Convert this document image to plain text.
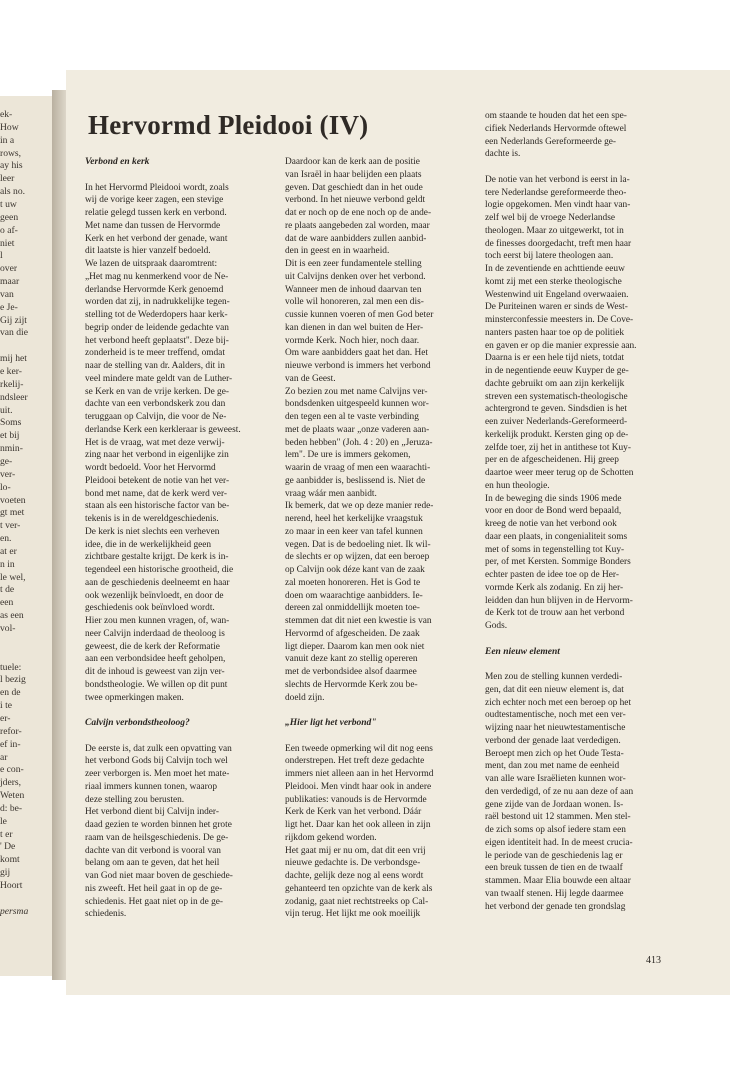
ek-
How
in a
rows,
ay his
leer
als no.
t uw
geen
o af-
niet
l
over
maar
van
e Je-
Gij zijt
van die
mij het
e ker-
rkelij-
ndsleer
uit.
Soms
et bij
nmin-
ge-
ver-
lo-
voeten
gt met
t ver-
en.
at er
n in
le wel,
t de
een
as een
vol-
tuele:
l bezig
en de
i te
er-
refor-
ef in-
ar
e con-
jders,
Weten
d: be-
le
t er
' De
komt
gij
Hoort
persma
Hervormd Pleidooi (IV)
Verbond en kerk
In het Hervormd Pleidooi wordt, zoals
wij de vorige keer zagen, een stevige
relatie gelegd tussen kerk en verbond.
Met name dan tussen de Hervormde
Kerk en het verbond der genade, want
dit laatste is hier vanzelf bedoeld.
We lazen de uitspraak daaromtrent:
„Het mag nu kenmerkend voor de Ne-
derlandse Hervormde Kerk genoemd
worden dat zij, in nadrukkelijke tegen-
stelling tot de Wederdopers haar kerk-
begrip onder de leidende gedachte van
het verbond heeft geplaatst". Deze bij-
zonderheid is te meer treffend, omdat
naar de stelling van dr. Aalders, dit in
veel mindere mate geldt van de Luther-
se Kerk en van de vrije kerken. De ge-
dachte van een verbondskerk zou dan
teruggaan op Calvijn, die voor de Ne-
derlandse Kerk een kerkleraar is geweest.
Het is de vraag, wat met deze verwij-
zing naar het verbond in eigenlijke zin
wordt bedoeld. Voor het Hervormd
Pleidooi betekent de notie van het ver-
bond met name, dat de kerk werd ver-
staan als een historische factor van be-
tekenis is in de wereldgeschiedenis.
De kerk is niet slechts een verheven
idee, die in de werkelijkheid geen
zichtbare gestalte krijgt. De kerk is in-
tegendeel een historische grootheid, die
aan de geschiedenis deelneemt en haar
ook wezenlijk beïnvloedt, en door de
geschiedenis ook beïnvloed wordt.
Hier zou men kunnen vragen, of, wan-
neer Calvijn inderdaad de theoloog is
geweest, die de kerk der Reformatie
aan een verbondsidee heeft geholpen,
dit de inhoud is geweest van zijn ver-
bondstheologie. We willen op dit punt
twee opmerkingen maken.
Calvijn verbondstheoloog?
De eerste is, dat zulk een opvatting van
het verbond Gods bij Calvijn toch wel
zeer verborgen is. Men moet het mate-
riaal immers kunnen tonen, waarop
deze stelling zou berusten.
Het verbond dient bij Calvijn inder-
daad gezien te worden binnen het grote
raam van de heilsgeschiedenis. De ge-
dachte van dit verbond is vooral van
belang om aan te geven, dat het heil
van God niet maar boven de geschiede-
nis zweeft. Het heil gaat in op de ge-
schiedenis. Het gaat niet op in de ge-
schiedenis.
Daardoor kan de kerk aan de positie
van Israël in haar belijden een plaats
geven. Dat geschiedt dan in het oude
verbond. In het nieuwe verbond geldt
dat er noch op de ene noch op de ande-
re plaats aangebeden zal worden, maar
dat de ware aanbidders zullen aanbid-
den in geest en in waarheid.
Dit is een zeer fundamentele stelling
uit Calvijns denken over het verbond.
Wanneer men de inhoud daarvan ten
volle wil honoreren, zal men een dis-
cussie kunnen voeren of men God beter
kan dienen in dan wel buiten de Her-
vormde Kerk. Noch hier, noch daar.
Om ware aanbidders gaat het dan. Het
nieuwe verbond is immers het verbond
van de Geest.
Zo bezien zou met name Calvijns ver-
bondsdenken uitgespeeld kunnen wor-
den tegen een al te vaste verbinding
met de plaats waar „onze vaderen aan-
beden hebben" (Joh. 4 : 20) en „Jeruza-
lem". De ure is immers gekomen,
waarin de vraag of men een waarachti-
ge aanbidder is, beslissend is. Niet de
vraag wáár men aanbidt.
Ik bemerk, dat we op deze manier rede-
nerend, heel het kerkelijke vraagstuk
zo maar in een keer van tafel kunnen
vegen. Dat is de bedoeling niet. Ik wil-
de slechts er op wijzen, dat een beroep
op Calvijn ook déze kant van de zaak
zal moeten honoreren. Het is God te
doen om waarachtige aanbidders. Ie-
dereen zal onmiddellijk moeten toe-
stemmen dat dit niet een kwestie is van
Hervormd of afgescheiden. De zaak
ligt dieper. Daarom kan men ook niet
vanuit deze kant zo stellig opereren
met de verbondsidee alsof daarmee
slechts de Hervormde Kerk zou be-
doeld zijn.
„Hier ligt het verbond"
Een tweede opmerking wil dit nog eens
onderstrepen. Het treft deze gedachte
immers niet alleen aan in het Hervormd
Pleidooi. Men vindt haar ook in andere
publikaties: vanouds is de Hervormde
Kerk de Kerk van het verbond. Dáár
ligt het. Daar kan het ook alleen in zijn
rijkdom gekend worden.
Het gaat mij er nu om, dat dit een vrij
nieuwe gedachte is. De verbondsge-
dachte, gelijk deze nog al eens wordt
gehanteerd ten opzichte van de kerk als
zodanig, gaat niet rechtstreeks op Cal-
vijn terug. Het lijkt me ook moeilijk
om staande te houden dat het een spe-
cifiek Nederlands Hervormde oftewel
een Nederlands Gereformeerde ge-
dachte is.
De notie van het verbond is eerst in la-
tere Nederlandse gereformeerde theo-
logie opgekomen. Men vindt haar van-
zelf wel bij de vroege Nederlandse
theologen. Maar zo uitgewerkt, tot in
de finesses doorgedacht, treft men haar
toch eerst bij latere theologen aan.
In de zeventiende en achttiende eeuw
komt zij met een sterke theologische
Westenwind uit Engeland overwaaien.
De Puriteinen waren er sinds de West-
minsterconfessie meesters in. De Cove-
nanters pasten haar toe op de politiek
en gaven er op die manier expressie aan.
Daarna is er een hele tijd niets, totdat
in de negentiende eeuw Kuyper de ge-
dachte gebruikt om aan zijn kerkelijk
streven een systematisch-theologische
achtergrond te geven. Sindsdien is het
een zuiver Nederlands-Gereformeerd-
kerkelijk produkt. Kersten ging op de-
zelfde toer, zij het in antithese tot Kuy-
per en de afgescheidenen. Hij greep
daartoe weer meer terug op de Schotten
en hun theologie.
In de beweging die sinds 1906 mede
voor en door de Bond werd bepaald,
kreeg de notie van het verbond ook
daar een plaats, in congenialiteit soms
met of soms in tegenstelling tot Kuy-
per, of met Kersten. Sommige Bonders
echter pasten de idee toe op de Her-
vormde Kerk als zodanig. En zij her-
leidden dan hun blijven in de Hervorm-
de Kerk tot de trouw aan het verbond
Gods.
Een nieuw element
Men zou de stelling kunnen verdedi-
gen, dat dit een nieuw element is, dat
zich echter noch met een beroep op het
oudtestamentische, noch met een ver-
wijzing naar het nieuwtestamentische
verbond der genade laat verdedigen.
Beroept men zich op het Oude Testa-
ment, dan zou met name de eenheid
van alle ware Israëlieten kunnen wor-
den verdedigd, of ze nu aan deze of aan
gene zijde van de Jordaan wonen. Is-
raël bestond uit 12 stammen. Men stel-
de zich soms op alsof iedere stam een
eigen identiteit had. In de meest crucia-
le periode van de geschiedenis lag er
een breuk tussen de tien en de twaalf
stammen. Maar Elia bouwde een altaar
van twaalf stenen. Hij legde daarmee
het verbond der genade ten grondslag
413
